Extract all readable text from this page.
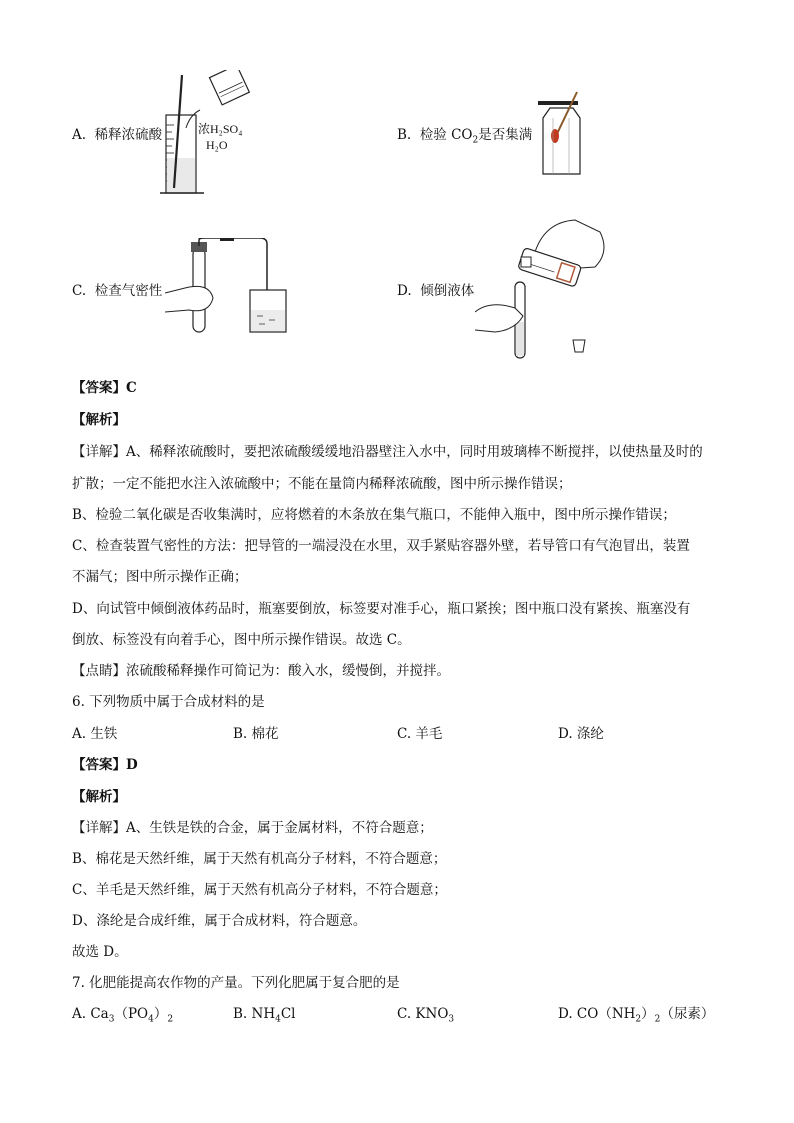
A. 稀释浓硫酸	浓H₂SO₄
H₂O
B. 检验 $CO_2$是否集满
C. 检查气密性	D. 倾倒液体
【答案】C
【解析】
【详解】A、稀释浓硫酸时，要把浓硫酸缓缓地沿器壁注入水中，同时用玻璃棒不断搅拌，以使热量及时的
扩散；一定不能把水注入浓硫酸中；不能在量筒内稀释浓硫酸，图中所示操作错误；
B、检验二氧化碳是否收集满时，应将燃着的木条放在集气瓶口，不能伸入瓶中，图中所示操作错误；
C、检查装置气密性的方法：把导管的一端浸没在水里，双手紧贴容器外壁，若导管口有气泡冒出，装置
不漏气；图中所示操作正确；
D、向试管中倾倒液体药品时，瓶塞要倒放，标签要对准手心，瓶口紧挨；图中瓶口没有紧挨、瓶塞没有
倒放、标签没有向着手心，图中所示操作错误。故选 C。
【点睛】浓硫酸稀释操作可简记为：酸入水，缓慢倒，并搅拌。
6. 下列物质中属于合成材料的是
A. 生铁	B. 棉花	C. 羊毛	D. 涤纶
【答案】D
【解析】
【详解】A、生铁是铁的合金，属于金属材料，不符合题意；
B、棉花是天然纤维，属于天然有机高分子材料，不符合题意；
C、羊毛是天然纤维，属于天然有机高分子材料，不符合题意；
D、涤纶是合成纤维，属于合成材料，符合题意。
故选 D。
7. 化肥能提高农作物的产量。下列化肥属于复合肥的是
A. $Ca_3(PO_4)_2$	B. $NH_4Cl$	C. $KNO_3$	D. $CO(NH_2)_2$（尿素）
